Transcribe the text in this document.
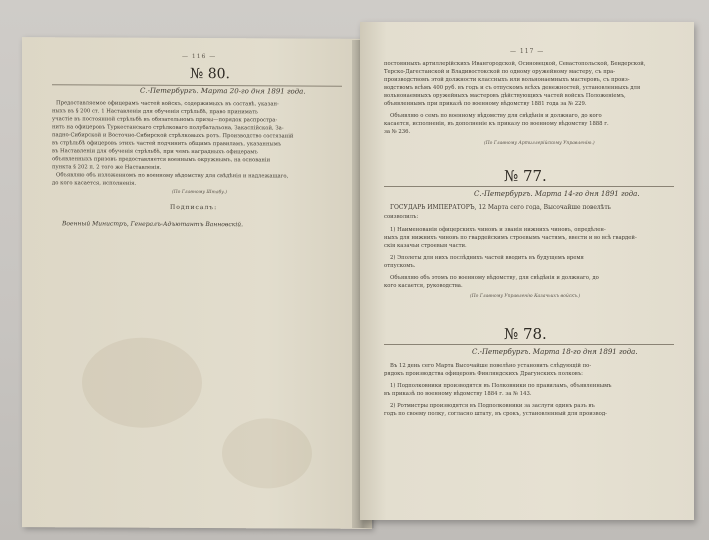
— 116 —
№ 80.
С.-Петербургъ. Марта 20-го дня 1891 года.
Предоставляемое офицерамъ частей войскъ, содержимыхъ въ составѣ, указан-
ныхъ въ § 200 ст. 1 Наставленія для обученія стрѣльбѣ, право принимать
участіе въ постоянной стрѣльбѣ въ обязательномъ призы—порядок распростра-
нить на офицеровъ Туркестанскаго стрѣлковаго полубатальона, Закаспійской, За-
падно-Сибирской и Восточно-Сибирской стрѣлковыхъ ротъ. Производство состязаній
въ стрѣльбѣ офицеровъ этихъ частей подчинить общимъ правиламъ, указаннымъ
въ Наставленіи для обученія стрѣльбѣ, при чемъ наградныхъ офицерамъ
объявленныхъ призовъ предоставляется военнымъ окружнымъ, на основаніи
пункта § 202 п. 2 того же Наставленія.
Объявляю объ изложенномъ по военному вѣдомству для свѣдѣнія и надлежащаго,
до кого касается, исполненія.
(По Главному Штабу.)
Подписалъ:
Военный Министръ, Генералъ-Адъютантъ Ванновскій.
— 117 —
постоянныхъ артиллерійскихъ Ивангородской, Осиновецкой, Севастопольской, Бендерской,
Терско-Дагестанской и Владивостокской по одному оружейному мастеру, съ пра-
производствомъ этой должности классныхъ или вольнонаемныхъ мастеровъ, съ произ-
водствомъ всѣмъ 400 руб. въ годъ и съ отпускомъ всѣхъ денежностей, установленныхъ для
вольнонаемныхъ оружейныхъ мастеровъ дѣйствующихъ частей войскъ Положеніемъ,
объявленнымъ при приказѣ по военному вѣдомству 1881 года за № 229.
Объявляю о семъ по военному вѣдомству для свѣдѣнія и должнаго, до кого
касается, исполненія, въ дополненіе къ приказу по военному вѣдомству 1888 г.
за № 236.
(По Главному Артиллерійскому Управленію.)
№ 77.
С.-Петербургъ. Марта 14-го дня 1891 года.
ГОСУДАРЬ ИМПЕРАТОРЪ, 12 Марта сего года, Высочайше повелѣть
соизволилъ:
1) Наименованія офицерскихъ чиновъ и званія нижнихъ чиновъ, опредѣлен-
ныхъ для нижнихъ чиновъ по гвардейскимъ строевымъ частямъ, ввести и во всѣ гвардей-
скія казачьи строевыя части.
2) Эполеты для нихъ послѣднихъ частей вводить въ будущемъ время
отпускомъ.
Объявляю объ этомъ по военному вѣдомству, для свѣдѣнія и должнаго, до
кого касается, руководства.
(По Главному Управленію Казачьихъ войскъ.)
№ 78.
С.-Петербургъ. Марта 18-го дня 1891 года.
Въ 12 день сего Марта Высочайше повелѣно установить слѣдующій по-
рядокъ производства офицеровъ Финляндскихъ Драгунскихъ полковъ:
1) Подполковники производятся въ Полковники по правиламъ, объявленнымъ
въ приказѣ по военному вѣдомству 1884 г. за № 143.
2) Ротмистры производятся въ Подполковники за заслуги одинъ разъ въ
годъ по своему полку, согласно штату, въ срокъ, установленный для производ-
